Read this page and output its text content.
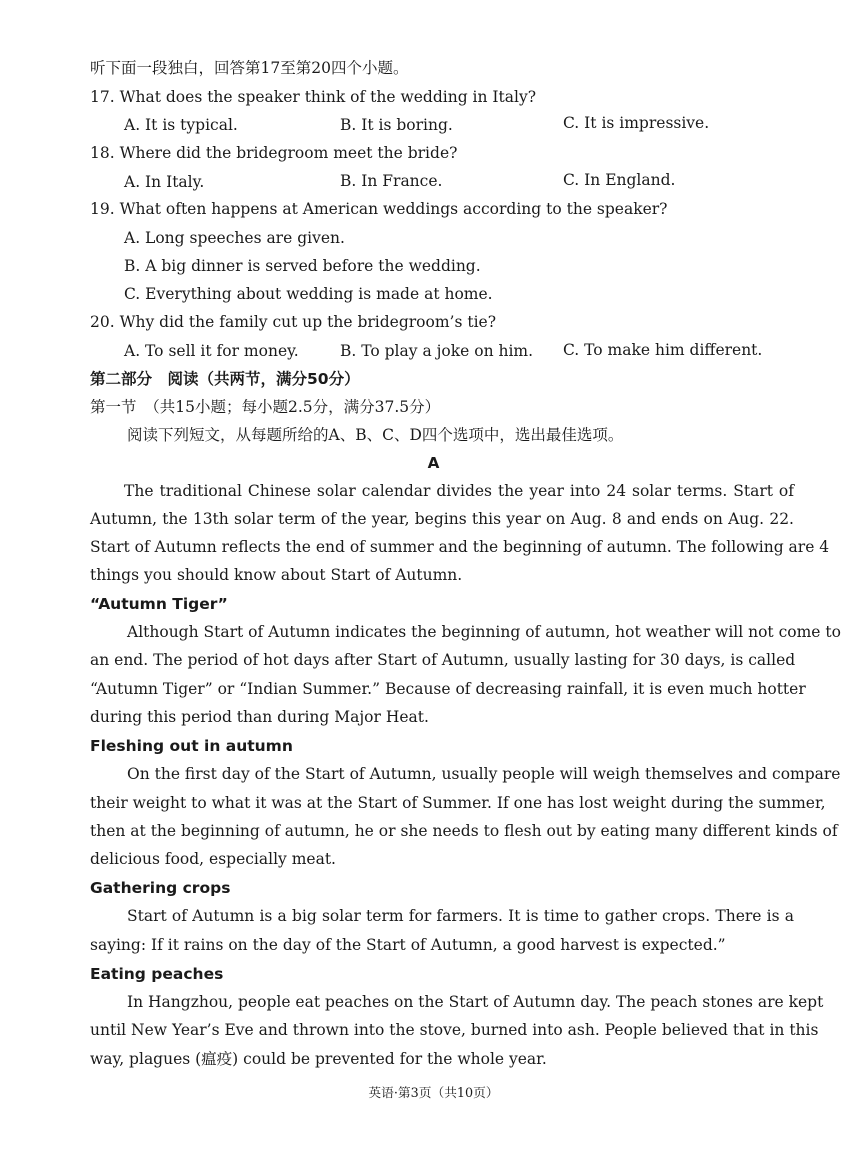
听下面一段独白，回答第17至第20四个小题。
17. What does the speaker think of the wedding in Italy?
A. It is typical.	B. It is boring.	C. It is impressive.
18. Where did the bridegroom meet the bride?
A. In Italy.	B. In France.	C. In England.
19. What often happens at American weddings according to the speaker?
A. Long speeches are given.
B. A big dinner is served before the wedding.
C. Everything about wedding is made at home.
20. Why did the family cut up the bridegroom’s tie?
A. To sell it for money.	B. To play a joke on him. C. To make him different.
第二部分　阅读（共两节，满分50分）
第一节　（共15小题；每小题2.5分，满分37.5分）
阅读下列短文，从每题所给的A、B、C、D四个选项中，选出最佳选项。
A
The traditional Chinese solar calendar divides the year into 24 solar terms. Start of
Autumn, the 13th solar term of the year, begins this year on Aug. 8 and ends on Aug. 22.
Start of Autumn reflects the end of summer and the beginning of autumn. The following are 4
things you should know about Start of Autumn.
“Autumn Tiger”
Although Start of Autumn indicates the beginning of autumn, hot weather will not come to
an end. The period of hot days after Start of Autumn, usually lasting for 30 days, is called
“Autumn Tiger” or “Indian Summer.” Because of decreasing rainfall, it is even much hotter
during this period than during Major Heat.
Fleshing out in autumn
On the first day of the Start of Autumn, usually people will weigh themselves and compare
their weight to what it was at the Start of Summer. If one has lost weight during the summer,
then at the beginning of autumn, he or she needs to flesh out by eating many different kinds of
delicious food, especially meat.
Gathering crops
Start of Autumn is a big solar term for farmers. It is time to gather crops. There is a
saying: If it rains on the day of the Start of Autumn, a good harvest is expected.”
Eating peaches
In Hangzhou, people eat peaches on the Start of Autumn day. The peach stones are kept
until New Year’s Eve and thrown into the stove, burned into ash. People believed that in this
way, plagues (瘟疫) could be prevented for the whole year.
英语·第3页（共10页）
